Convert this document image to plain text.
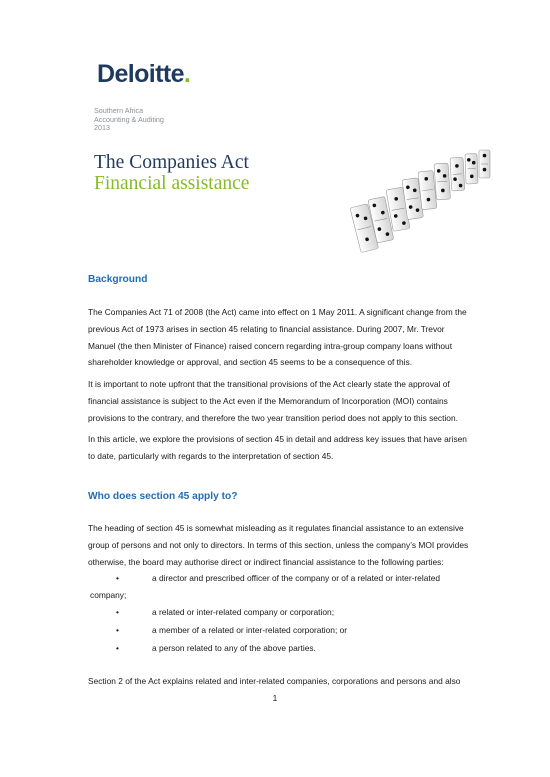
Deloitte.
Southern Africa
Accounting & Auditing
2013
The Companies Act
Financial assistance
Background
The Companies Act 71 of 2008 (the Act) came into effect on 1 May 2011. A significant change from the
previous Act of 1973 arises in section 45 relating to financial assistance. During 2007, Mr. Trevor
Manuel (the then Minister of Finance) raised concern regarding intra-group company loans without
shareholder knowledge or approval, and section 45 seems to be a consequence of this.
It is important to note upfront that the transitional provisions of the Act clearly state the approval of
financial assistance is subject to the Act even if the Memorandum of Incorporation (MOI) contains
provisions to the contrary, and therefore the two year transition period does not apply to this section.
In this article, we explore the provisions of section 45 in detail and address key issues that have arisen
to date, particularly with regards to the interpretation of section 45.
Who does section 45 apply to?
The heading of section 45 is somewhat misleading as it regulates financial assistance to an extensive
group of persons and not only to directors. In terms of this section, unless the company’s MOI provides
otherwise, the board may authorise direct or indirect financial assistance to the following parties:
•	a director and prescribed officer of the company or of a related or inter-related
company;
•	a related or inter-related company or corporation;
•	a member of a related or inter-related corporation; or
•	a person related to any of the above parties.
Section 2 of the Act explains related and inter-related companies, corporations and persons and also
1
